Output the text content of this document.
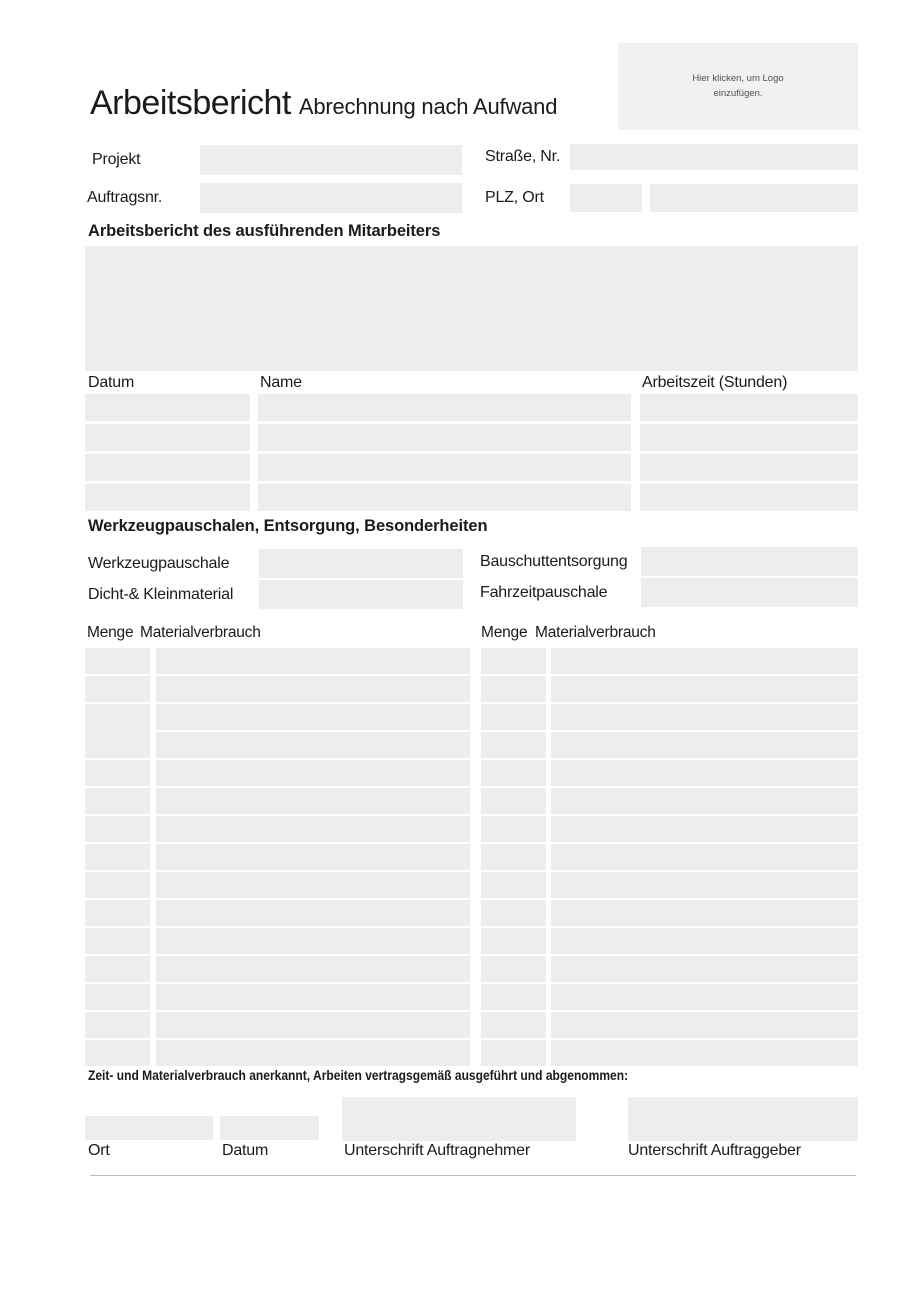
Hier klicken, um Logo einzufügen.
Arbeitsbericht Abrechnung nach Aufwand
Projekt	Straße, Nr.
Auftragsnr.	PLZ, Ort
Arbeitsbericht des ausführenden Mitarbeiters
Datum	Name	Arbeitszeit (Stunden)
Werkzeugpauschalen, Entsorgung, Besonderheiten
Werkzeugpauschale	Bauschuttentsorgung
Dicht-& Kleinmaterial	Fahrzeitpauschale
Menge Materialverbrauch	Menge Materialverbrauch
Zeit- und Materialverbrauch anerkannt, Arbeiten vertragsgemäß ausgeführt und abgenommen:
Ort	Datum	Unterschrift Auftragnehmer	Unterschrift Auftraggeber
